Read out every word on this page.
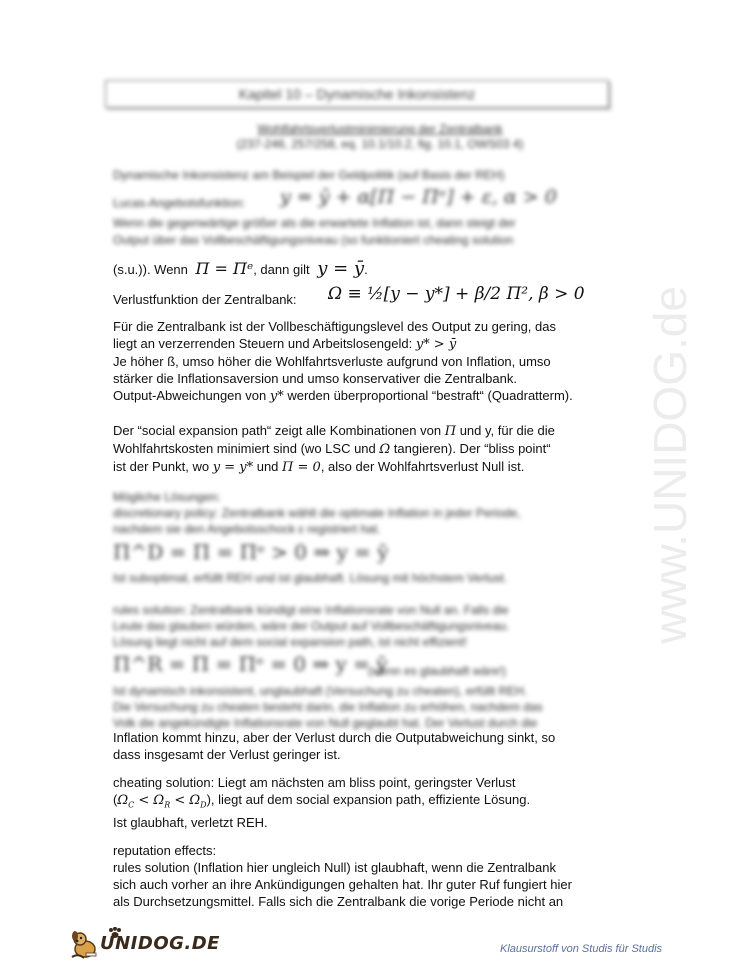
www.UNIDOG.de
Kapitel 10 – Dynamische Inkonsistenz
Wohlfahrtsverlustminimierung der Zentralbank
(237-246, 257/258, eq. 10.1/10.2, fig. 10.1, OWS03 4)
Dynamische Inkonsistenz am Beispiel der Geldpolitik (auf Basis der REH)
Lucas-Angebotsfunktion: y = ȳ + α[Π − Πᵉ] + ε, α > 0
Wenn die gegenwärtige größer als die erwartete Inflation ist, dann steigt der
Output über das Vollbeschäftigungsniveau (so funktioniert cheating solution
(s.u.)). Wenn Π = Πᵉ, dann gilt y = ȳ.
Verlustfunktion der Zentralbank: Ω ≡ ½[y − y*] + β/2 Π², β > 0
Für die Zentralbank ist der Vollbeschäftigungslevel des Output zu gering, das
liegt an verzerrenden Steuern und Arbeitslosengeld: y* > ȳ
Je höher ß, umso höher die Wohlfahrtsverluste aufgrund von Inflation, umso
stärker die Inflationsaversion und umso konservativer die Zentralbank.
Output-Abweichungen von y* werden überproportional “bestraft“ (Quadratterm).
Der “social expansion path“ zeigt alle Kombinationen von Π und y, für die die
Wohlfahrtskosten minimiert sind (wo LSC und Ω tangieren). Der “bliss point“
ist der Punkt, wo y = y* und Π = 0, also der Wohlfahrtsverlust Null ist.
Mögliche Lösungen:
discretionary policy: Zentralbank wählt die optimale Inflation in jeder Periode,
nachdem sie den Angebotsschock ε registriert hat.
Π^D = Π = Πᵉ > 0 ⇒ y = ȳ
Ist suboptimal, erfüllt REH und ist glaubhaft. Lösung mit höchstem Verlust.
rules solution: Zentralbank kündigt eine Inflationsrate von Null an. Falls die
Leute das glauben würden, wäre der Output auf Vollbeschäftigungsniveau.
Lösung liegt nicht auf dem social expansion path, ist nicht effizient!
Π^R = Π = Πᵉ = 0 ⇒ y = ȳ
(wenn es glaubhaft wäre!)
Ist dynamisch inkonsistent, unglaubhaft (Versuchung zu cheaten), erfüllt REH.
Die Versuchung zu cheaten besteht darin, die Inflation zu erhöhen, nachdem das
Volk die angekündigte Inflationsrate von Null geglaubt hat. Der Verlust durch die
Inflation kommt hinzu, aber der Verlust durch die Outputabweichung sinkt, so
dass insgesamt der Verlust geringer ist.
cheating solution: Liegt am nächsten am bliss point, geringster Verlust
$(\Omega_C < \Omega_R < \Omega_D)$, liegt auf dem social expansion path, effiziente Lösung.
Ist glaubhaft, verletzt REH.
reputation effects:
rules solution (Inflation hier ungleich Null) ist glaubhaft, wenn die Zentralbank
sich auch vorher an ihre Ankündigungen gehalten hat. Ihr guter Ruf fungiert hier
als Durchsetzungsmittel. Falls sich die Zentralbank die vorige Periode nicht an
UNIDOG.DE	Klausurstoff von Studis für Studis
